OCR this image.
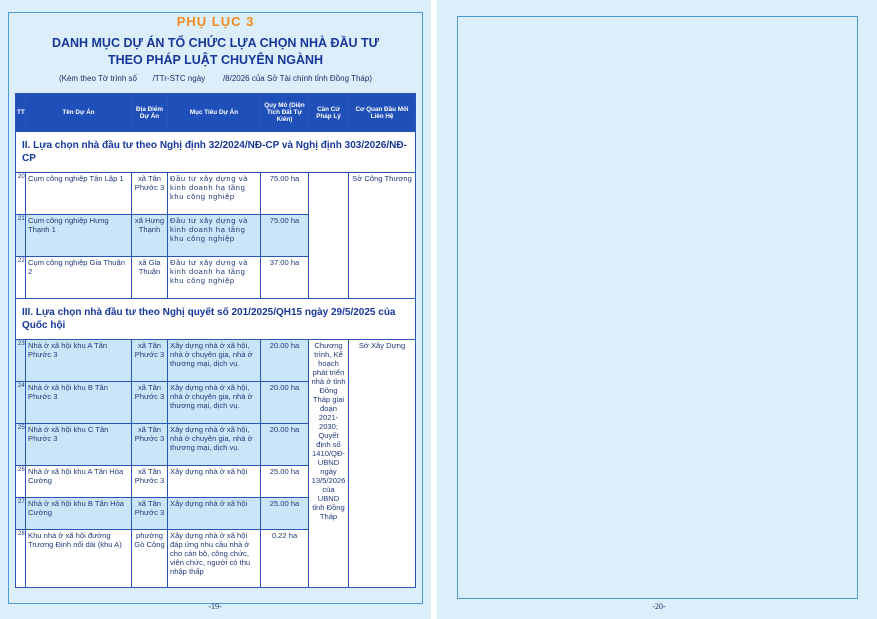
PHỤ LỤC 3
DANH MỤC DỰ ÁN TỔ CHỨC LỰA CHỌN NHÀ ĐẦU TƯ
THEO PHÁP LUẬT CHUYÊN NGÀNH
(Kèm theo Tờ trình số       /TTr-STC ngày        /8/2026 của Sở Tài chính tỉnh Đồng Tháp)
TT	Tên Dự Án	Địa Điểm Dự Án	Mục Tiêu Dự Án	Quy Mô (Diện Tích Đất Tự Kiến)	Căn Cứ Pháp Lý	Cơ Quan Đầu Mối Liên Hệ
II. Lựa chọn nhà đầu tư theo Nghị định 32/2024/NĐ-CP và Nghị định 303/2026/NĐ-CP						
20	Cụm công nghiệp Tân Lập 1	xã Tân Phước 3	Đầu tư xây dựng và kinh doanh hạ tầng khu công nghiệp	75.00 ha		Sở Công Thương
21	Cụm công nghiệp Hưng Thạnh 1	xã Hưng Thạnh	Đầu tư xây dựng và kinh doanh hạ tầng khu công nghiệp	75.00 ha		
22	Cụm công nghiệp Gia Thuận 2	xã Gia Thuận	Đầu tư xây dựng và kinh doanh hạ tầng khu công nghiệp	37.00 ha		
III. Lựa chọn nhà đầu tư theo Nghị quyết số 201/2025/QH15 ngày 29/5/2025 của Quốc hội						
23	Nhà ở xã hội khu A Tân Phước 3	xã Tân Phước 3	Xây dựng nhà ở xã hội, nhà ở chuyên gia, nhà ở thương mại, dịch vụ.	20.00 ha	Chương trình, Kế hoạch phát triển nhà ở tỉnh Đồng Tháp giai đoạn 2021-2030; Quyết định số 1410/QĐ-UBND ngày 13/5/2026 của UBND tỉnh Đồng Tháp	Sở Xây Dựng
24	Nhà ở xã hội khu B Tân Phước 3	xã Tân Phước 3	Xây dựng nhà ở xã hội, nhà ở chuyên gia, nhà ở thương mại, dịch vụ.	20.00 ha		
25	Nhà ở xã hội khu C Tân Phước 3	xã Tân Phước 3	Xây dựng nhà ở xã hội, nhà ở chuyên gia, nhà ở thương mại, dịch vụ.	20.00 ha		
26	Nhà ở xã hội khu A Tân Hòa Cường	xã Tân Phước 3	Xây dựng nhà ở xã hội	25.00 ha		
27	Nhà ở xã hội khu B Tân Hòa Cường	xã Tân Phước 3	Xây dựng nhà ở xã hội	25.00 ha		
28	Khu nhà ở xã hội đường Trương Định nối dài (khu A)	phường Gò Công	Xây dựng nhà ở xã hội đáp ứng nhu cầu nhà ở cho cán bộ, công chức, viên chức, người có thu nhập thấp	0.22 ha		
-19-	-20-
